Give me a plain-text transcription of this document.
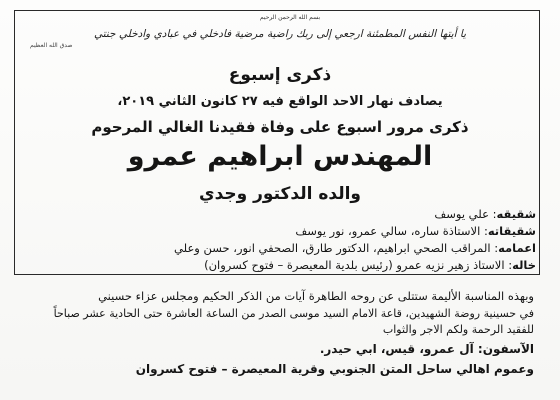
بسم الله الرحمن الرحيم
يا أيتها النفس المطمئنة ارجعي إلى ربك راضية مرضية فادخلي في عبادي وادخلي جنتي
صدق الله العظيم
ذكرى إسبوع
يصادف نهار الاحد الواقع فيه ٢٧ كانون الثاني ٢٠١٩،
ذكرى مرور اسبوع على وفاة فقيدنا الغالي المرحوم
المهندس ابراهيم عمرو
والده الدكتور وجدي
شقيقه: علي يوسف
شقيقاته: الاستاذة ساره، سالي عمرو، نور يوسف
اعمامه: المراقب الصحي ابراهيم، الدكتور طارق، الصحفي انور، حسن وعلي
خاله: الاستاذ زهير نزيه عمرو (رئيس بلدية المعيصرة – فتوح كسروان)
وبهذه المناسبة الأليمة ستتلى عن روحه الطاهرة آيات من الذكر الحكيم ومجلس عزاء حسيني
في حسينية روضة الشهيدين، قاعة الامام السيد موسى الصدر من الساعة العاشرة حتى الحادية عشر صباحاً
للفقيد الرحمة ولكم الاجر والثواب
الآسفون: آل عمرو، قيس، ابي حيدر.
وعموم اهالي ساحل المتن الجنوبي وقرية المعيصرة – فتوح كسروان
